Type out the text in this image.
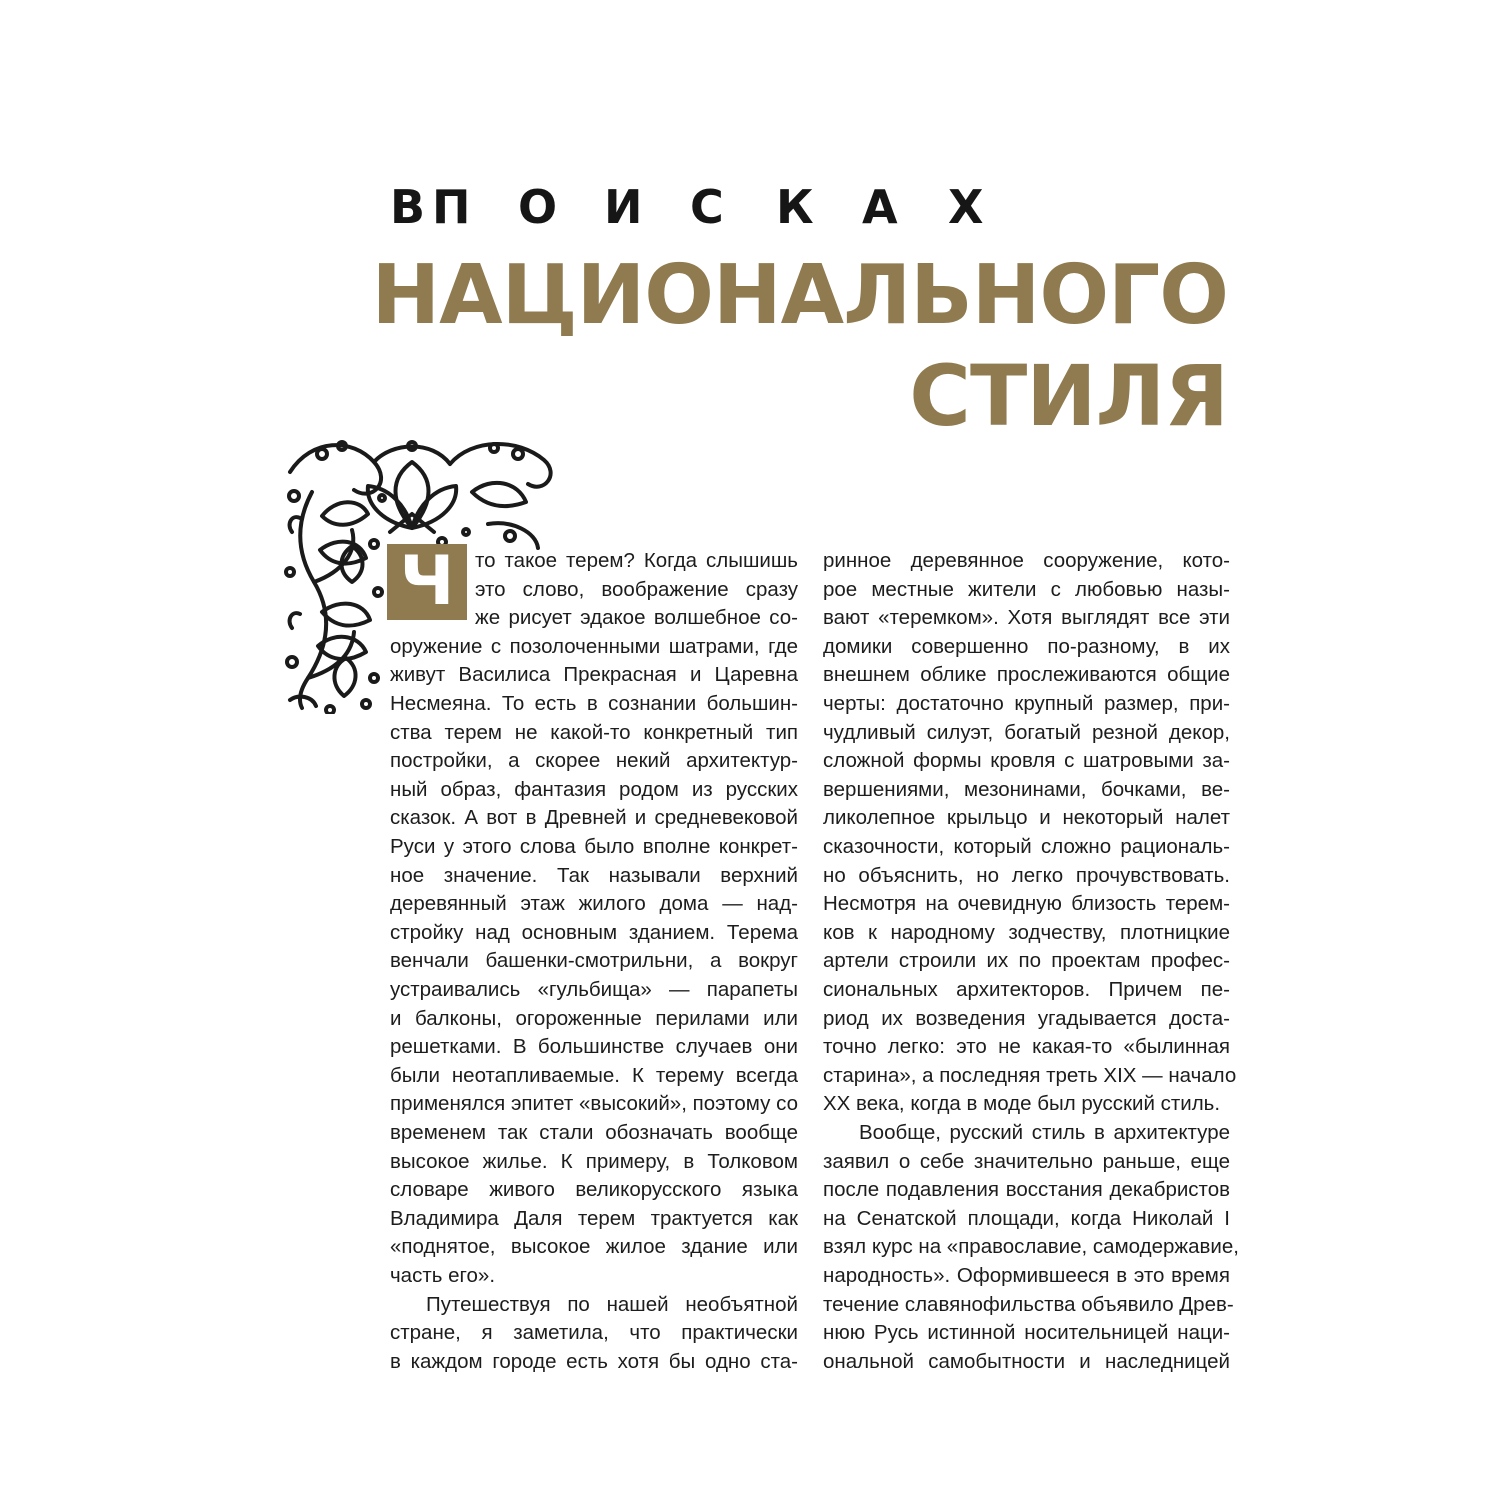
В П О И С К А Х
НАЦИОНАЛЬНОГО
СТИЛЯ
Ч	то такое терем? Когда слышишь
это слово, воображение сразу
же рисует эдакое волшебное со-
оружение с позолоченными шатрами, где
живут Василиса Прекрасная и Царевна
Несмеяна. То есть в сознании большин-
ства терем не какой-то конкретный тип
постройки, а скорее некий архитектур-
ный образ, фантазия родом из русских
сказок. А вот в Древней и средневековой
Руси у этого слова было вполне конкрет-
ное значение. Так называли верхний
деревянный этаж жилого дома — над-
стройку над основным зданием. Терема
венчали башенки-смотрильни, а вокруг
устраивались «гульбища» — парапеты
и балконы, огороженные перилами или
решетками. В большинстве случаев они
были неотапливаемые. К терему всегда
применялся эпитет «высокий», поэтому со
временем так стали обозначать вообще
высокое жилье. К примеру, в Толковом
словаре живого великорусского языка
Владимира Даля терем трактуется как
«поднятое, высокое жилое здание или
часть его».
Путешествуя по нашей необъятной
стране, я заметила, что практически
в каждом городе есть хотя бы одно ста-
ринное деревянное сооружение, кото-
рое местные жители с любовью назы-
вают «теремком». Хотя выглядят все эти
домики совершенно по-разному, в их
внешнем облике прослеживаются общие
черты: достаточно крупный размер, при-
чудливый силуэт, богатый резной декор,
сложной формы кровля с шатровыми за-
вершениями, мезонинами, бочками, ве-
ликолепное крыльцо и некоторый налет
сказочности, который сложно рациональ-
но объяснить, но легко прочувствовать.
Несмотря на очевидную близость терем-
ков к народному зодчеству, плотницкие
артели строили их по проектам профес-
сиональных архитекторов. Причем пе-
риод их возведения угадывается доста-
точно легко: это не какая-то «былинная
старина», а последняя треть XIX — начало
XX века, когда в моде был русский стиль.
Вообще, русский стиль в архитектуре
заявил о себе значительно раньше, еще
после подавления восстания декабристов
на Сенатской площади, когда Николай I
взял курс на «православие, самодержавие,
народность». Оформившееся в это время
течение славянофильства объявило Древ-
нюю Русь истинной носительницей наци-
ональной самобытности и наследницей
